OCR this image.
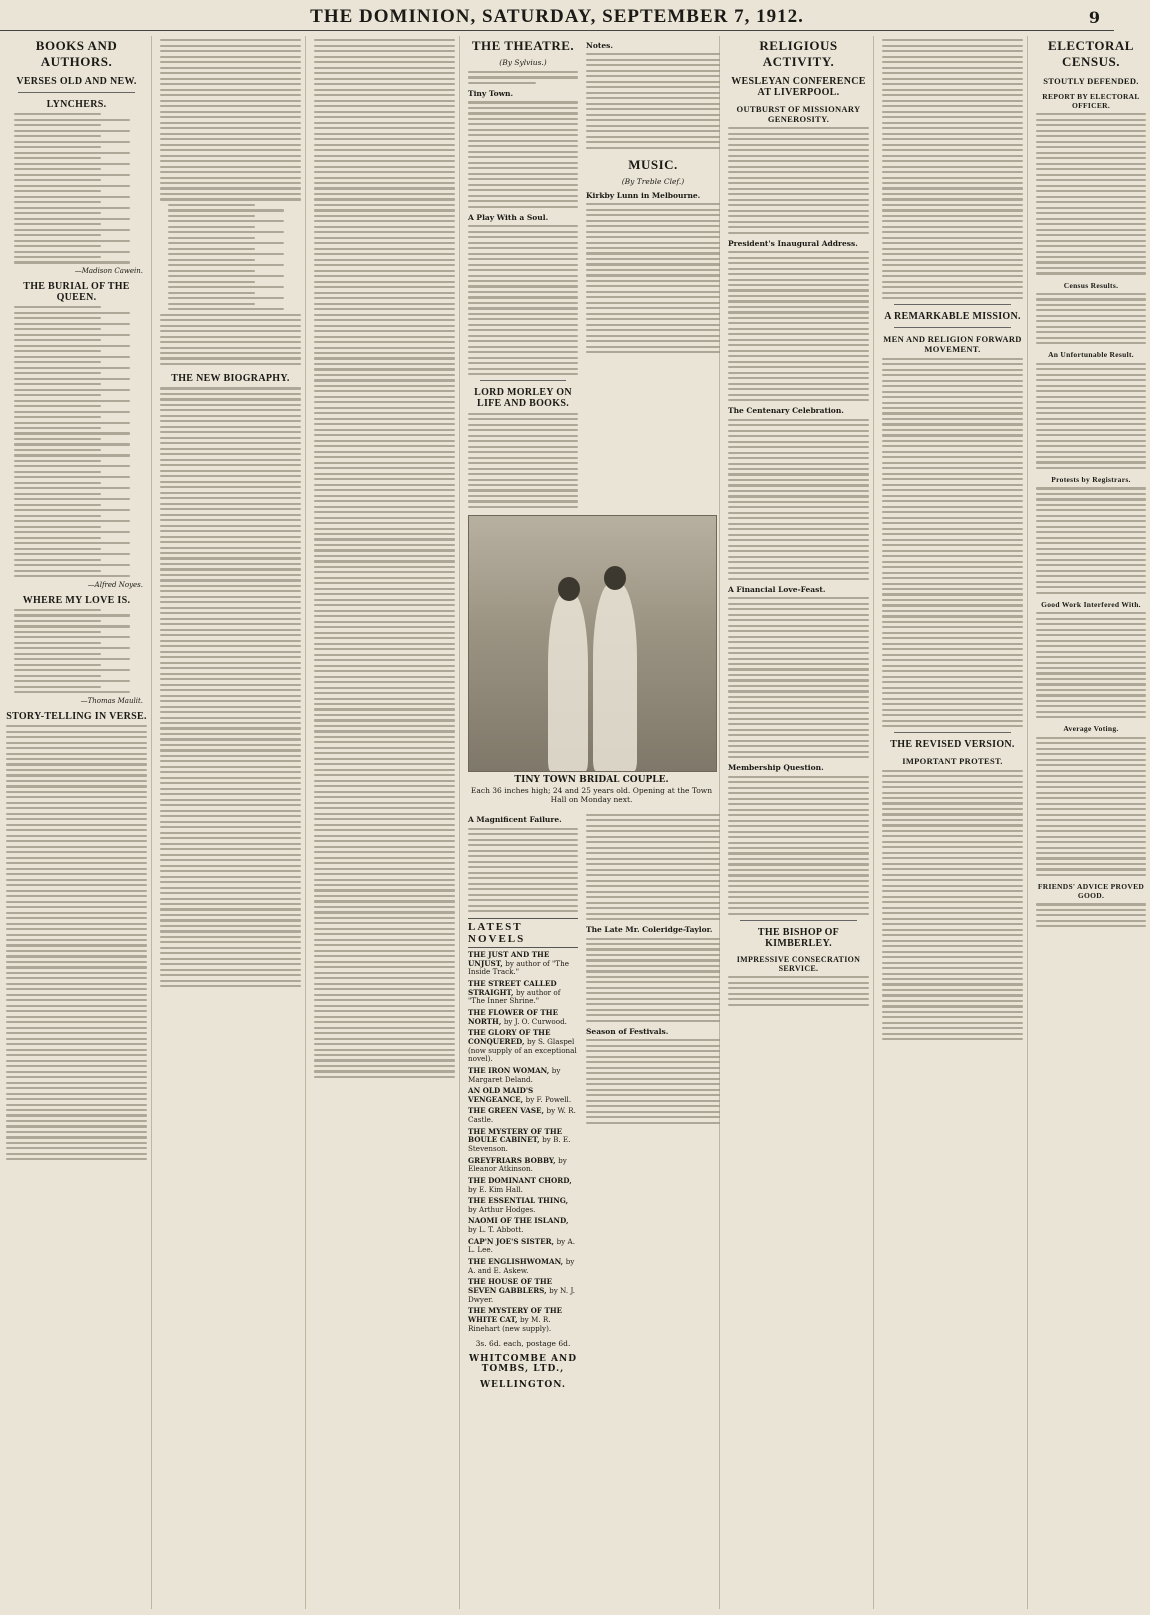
THE DOMINION, SATURDAY, SEPTEMBER 7, 1912.	9
BOOKS AND AUTHORS.
VERSES OLD AND NEW.
LYNCHERS.
—Madison Cawein.
THE BURIAL OF THE QUEEN.
—Alfred Noyes.
WHERE MY LOVE IS.
—Thomas Maulit.
STORY-TELLING IN VERSE.
THE NEW BIOGRAPHY.
THE THEATRE.
(By Sylvius.)
Tiny Town.
A Play With a Soul.
LORD MORLEY ON LIFE AND BOOKS.
Notes.
MUSIC.
(By Treble Clef.)
Kirkby Lunn in Melbourne.
TINY TOWN BRIDAL COUPLE.
Each 36 inches high; 24 and 25 years old. Opening at the Town Hall on Monday next.
A Magnificent Failure.
LATEST NOVELS
THE JUST AND THE UNJUST, by author of "The Inside Track."
THE STREET CALLED STRAIGHT, by author of "The Inner Shrine."
THE FLOWER OF THE NORTH, by J. O. Curwood.
THE GLORY OF THE CONQUERED, by S. Glaspel (now supply of an exceptional novel).
THE IRON WOMAN, by Margaret Deland.
AN OLD MAID'S VENGEANCE, by F. Powell.
THE GREEN VASE, by W. R. Castle.
THE MYSTERY OF THE BOULE CABINET, by B. E. Stevenson.
GREYFRIARS BOBBY, by Eleanor Atkinson.
THE DOMINANT CHORD, by E. Kim Hall.
THE ESSENTIAL THING, by Arthur Hodges.
NAOMI OF THE ISLAND, by L. T. Abbott.
CAP'N JOE'S SISTER, by A. L. Lee.
THE ENGLISHWOMAN, by A. and E. Askew.
THE HOUSE OF THE SEVEN GABBLERS, by N. J. Dwyer.
THE MYSTERY OF THE WHITE CAT, by M. R. Rinehart (new supply).
3s. 6d. each, postage 6d.
WHITCOMBE AND TOMBS, LTD.,
WELLINGTON.
The Late Mr. Coleridge-Taylor.
Season of Festivals.
RELIGIOUS ACTIVITY.
WESLEYAN CONFERENCE AT LIVERPOOL.
OUTBURST OF MISSIONARY GENEROSITY.
President's Inaugural Address.
The Centenary Celebration.
A Financial Love-Feast.
Membership Question.
THE BISHOP OF KIMBERLEY.
IMPRESSIVE CONSECRATION SERVICE.
A REMARKABLE MISSION.
MEN AND RELIGION FORWARD MOVEMENT.
THE REVISED VERSION.
IMPORTANT PROTEST.
ELECTORAL CENSUS.
STOUTLY DEFENDED.
REPORT BY ELECTORAL OFFICER.
Census Results.
An Unfortunable Result.
Protests by Registrars.
Good Work Interfered With.
Average Voting.
FRIENDS' ADVICE PROVED GOOD.
